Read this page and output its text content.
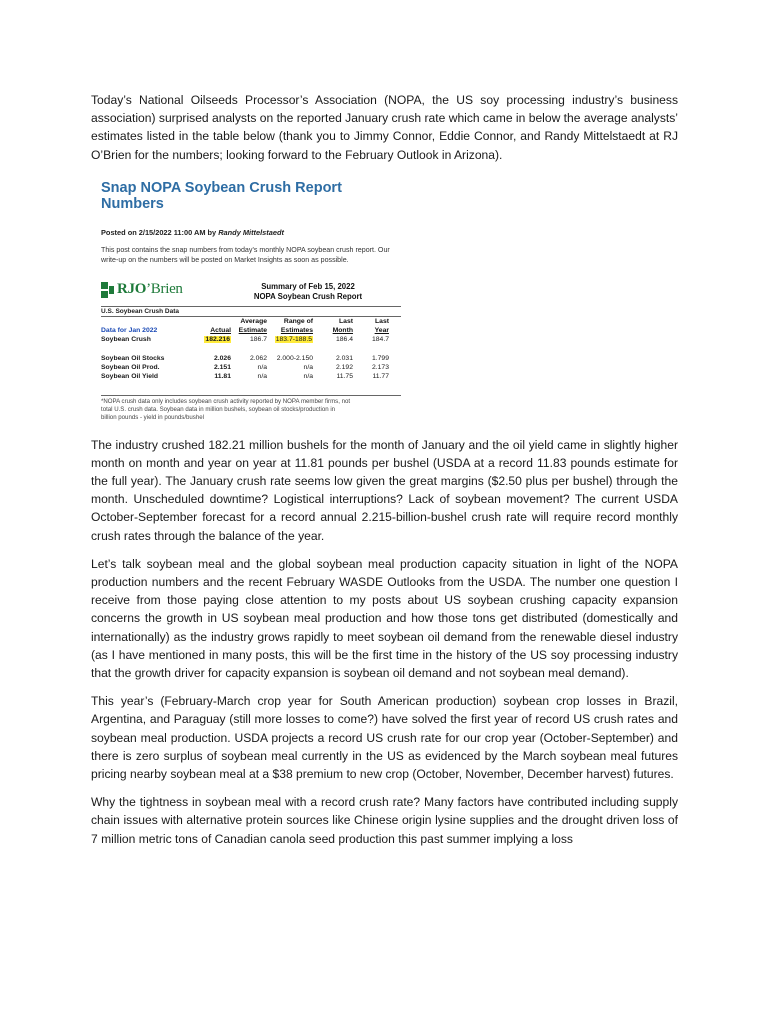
Today’s National Oilseeds Processor’s Association (NOPA, the US soy processing industry’s business association) surprised analysts on the reported January crush rate which came in below the average analysts’ estimates listed in the table below (thank you to Jimmy Connor, Eddie Connor, and Randy Mittelstaedt at RJ O’Brien for the numbers; looking forward to the February Outlook in Arizona).

Snap NOPA Soybean Crush Report Numbers
Posted on 2/15/2022 11:00 AM by Randy Mittelstaedt
This post contains the snap numbers from today’s monthly NOPA soybean crush report. Our write-up on the numbers will be posted on Market Insights as soon as possible.
RJO’Brien	Summary of Feb 15, 2022
NOPA Soybean Crush Report
U.S. Soybean Crush Data
Average	Range of	Last	Last
Data for Jan 2022	Actual	Estimate	Estimates	Month	Year
Soybean Crush	182.216	186.7	183.7-188.5	186.4	184.7
Soybean Oil Stocks	2.026	2.062	2.000-2.150	2.031	1.799
Soybean Oil Prod.	2.151	n/a	n/a	2.192	2.173
Soybean Oil Yield	11.81	n/a	n/a	11.75	11.77
*NOPA crush data only includes soybean crush activity reported by NOPA member firms, not total U.S. crush data. Soybean data in million bushels, soybean oil stocks/production in billion pounds - yield in pounds/bushel

The industry crushed 182.21 million bushels for the month of January and the oil yield came in slightly higher month on month and year on year at 11.81 pounds per bushel (USDA at a record 11.83 pounds estimate for the full year). The January crush rate seems low given the great margins ($2.50 plus per bushel) through the month. Unscheduled downtime? Logistical interruptions? Lack of soybean movement? The current USDA October-September forecast for a record annual 2.215-billion-bushel crush rate will require record monthly crush rates through the balance of the year.

Let’s talk soybean meal and the global soybean meal production capacity situation in light of the NOPA production numbers and the recent February WASDE Outlooks from the USDA. The number one question I receive from those paying close attention to my posts about US soybean crushing capacity expansion concerns the growth in US soybean meal production and how those tons get distributed (domestically and internationally) as the industry grows rapidly to meet soybean oil demand from the renewable diesel industry (as I have mentioned in many posts, this will be the first time in the history of the US soy processing industry that the growth driver for capacity expansion is soybean oil demand and not soybean meal demand).

This year’s (February-March crop year for South American production) soybean crop losses in Brazil, Argentina, and Paraguay (still more losses to come?) have solved the first year of record US crush rates and soybean meal production. USDA projects a record US crush rate for our crop year (October-September) and there is zero surplus of soybean meal currently in the US as evidenced by the March soybean meal futures pricing nearby soybean meal at a $38 premium to new crop (October, November, December harvest) futures.

Why the tightness in soybean meal with a record crush rate? Many factors have contributed including supply chain issues with alternative protein sources like Chinese origin lysine supplies and the drought driven loss of 7 million metric tons of Canadian canola seed production this past summer implying a loss
